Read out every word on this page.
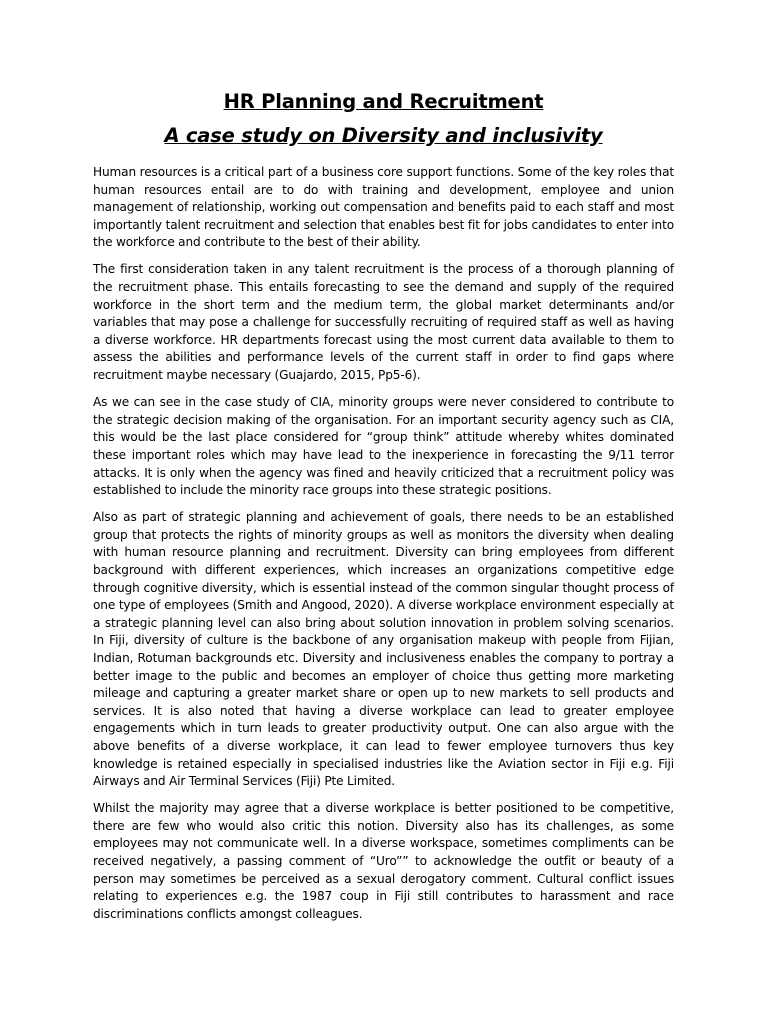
HR Planning and Recruitment
A case study on Diversity and inclusivity

Human resources is a critical part of a business core support functions. Some of the key roles that human resources entail are to do with training and development, employee and union management of relationship, working out compensation and benefits paid to each staff and most importantly talent recruitment and selection that enables best fit for jobs candidates to enter into the workforce and contribute to the best of their ability.

The first consideration taken in any talent recruitment is the process of a thorough planning of the recruitment phase. This entails forecasting to see the demand and supply of the required workforce in the short term and the medium term, the global market determinants and/or variables that may pose a challenge for successfully recruiting of required staff as well as having a diverse workforce. HR departments forecast using the most current data available to them to assess the abilities and performance levels of the current staff in order to find gaps where recruitment maybe necessary (Guajardo, 2015, Pp5-6).

As we can see in the case study of CIA, minority groups were never considered to contribute to the strategic decision making of the organisation. For an important security agency such as CIA, this would be the last place considered for “group think” attitude whereby whites dominated these important roles which may have lead to the inexperience in forecasting the 9/11 terror attacks. It is only when the agency was fined and heavily criticized that a recruitment policy was established to include the minority race groups into these strategic positions.

Also as part of strategic planning and achievement of goals, there needs to be an established group that protects the rights of minority groups as well as monitors the diversity when dealing with human resource planning and recruitment. Diversity can bring employees from different background with different experiences, which increases an organizations competitive edge through cognitive diversity, which is essential instead of the common singular thought process of one type of employees (Smith and Angood, 2020). A diverse workplace environment especially at a strategic planning level can also bring about solution innovation in problem solving scenarios. In Fiji, diversity of culture is the backbone of any organisation makeup with people from Fijian, Indian, Rotuman backgrounds etc. Diversity and inclusiveness enables the company to portray a better image to the public and becomes an employer of choice thus getting more marketing mileage and capturing a greater market share or open up to new markets to sell products and services. It is also noted that having a diverse workplace can lead to greater employee engagements which in turn leads to greater productivity output. One can also argue with the above benefits of a diverse workplace, it can lead to fewer employee turnovers thus key knowledge is retained especially in specialised industries like the Aviation sector in Fiji e.g. Fiji Airways and Air Terminal Services (Fiji) Pte Limited.

Whilst the majority may agree that a diverse workplace is better positioned to be competitive, there are few who would also critic this notion. Diversity also has its challenges, as some employees may not communicate well. In a diverse workspace, sometimes compliments can be received negatively, a passing comment of “Uro”” to acknowledge the outfit or beauty of a person may sometimes be perceived as a sexual derogatory comment. Cultural conflict issues relating to experiences e.g. the 1987 coup in Fiji still contributes to harassment and race discriminations conflicts amongst colleagues.
